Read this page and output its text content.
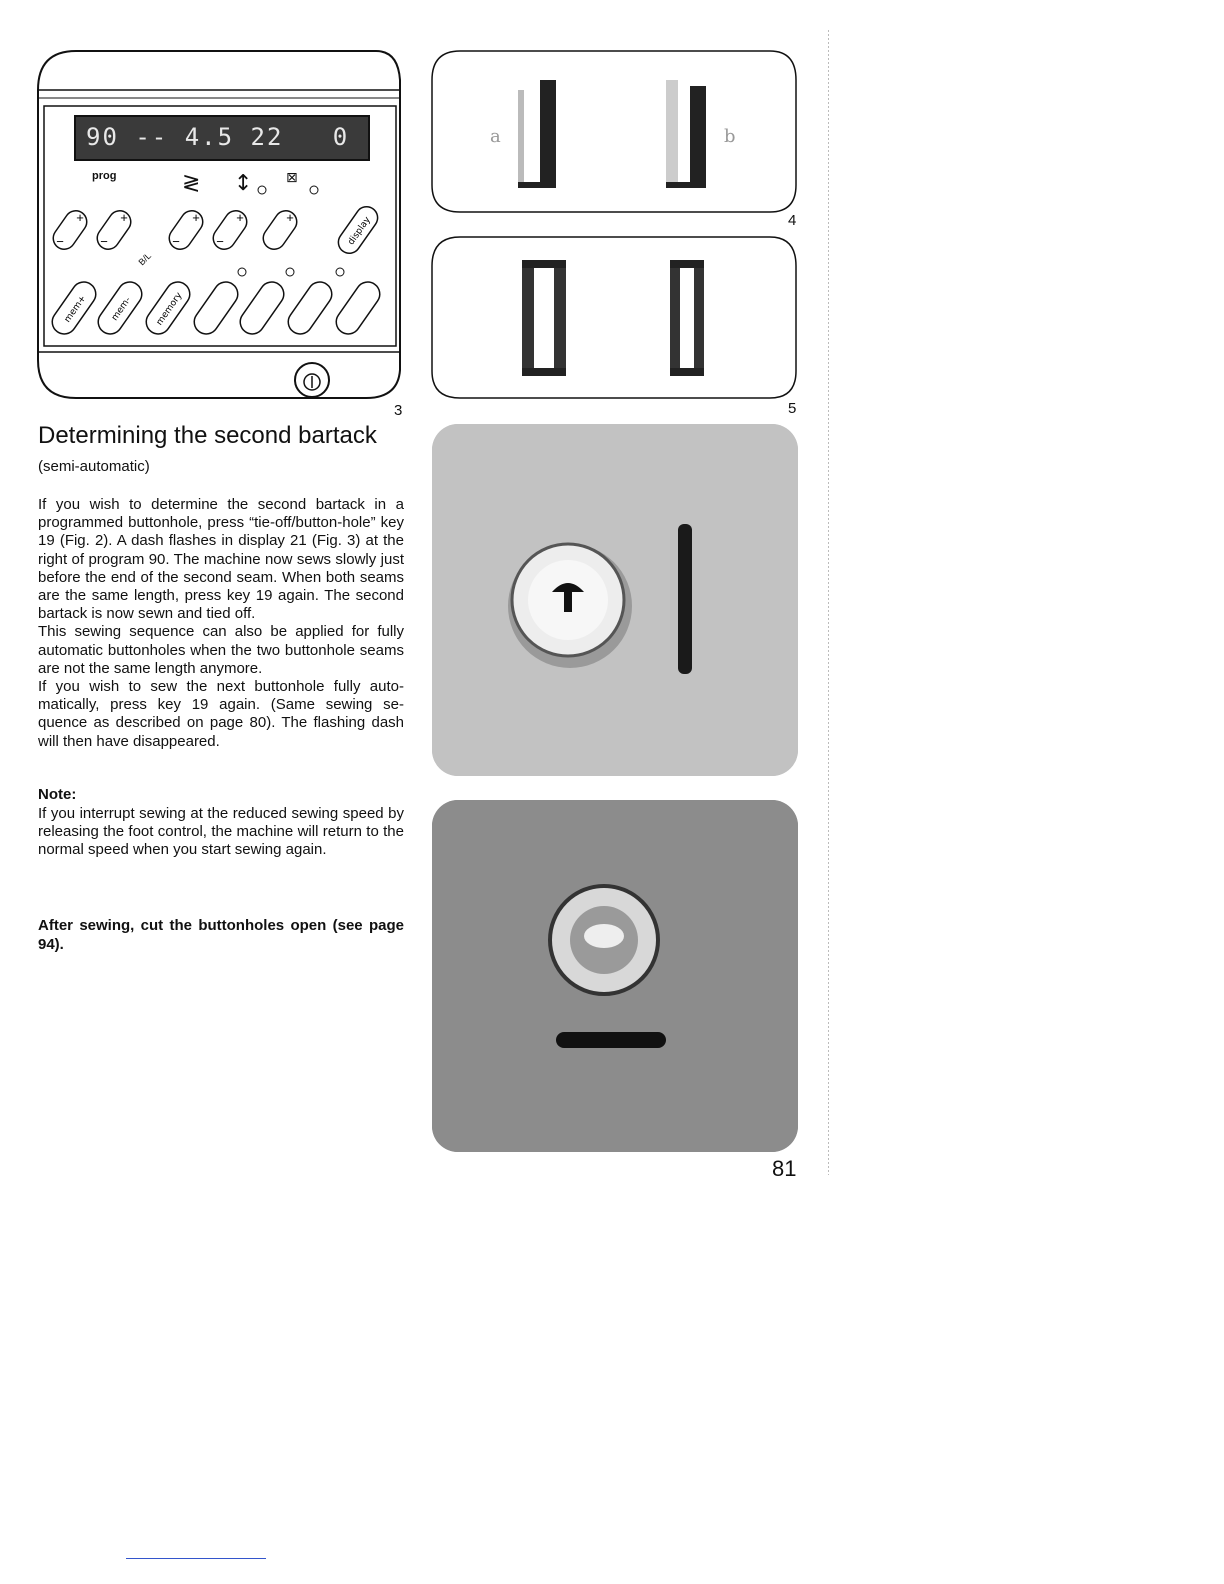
≷ ↕ ⊠
+
−
+
−
+
−
+
−
+	display
mem+ mem- memory
90 -- 4.5 22   0
prog
B/L
3
a	b
4
5
Determining the second bartack
(semi-automatic)

If you wish to determine the second bartack in a programmed buttonhole, press “tie-off/button-hole” key 19 (Fig. 2). A dash flashes in display 21 (Fig. 3) at the right of program 90. The machine now sews slowly just before the end of the second seam. When both seams are the same length, press key 19 again. The second bartack is now sewn and tied off.

This sewing sequence can also be applied for fully automatic buttonholes when the two buttonhole seams are not the same length anymore.

If you wish to sew the next buttonhole fully auto-matically, press key 19 again. (Same sewing se-quence as described on page 80). The flashing dash will then have disappeared.

Note:
If you interrupt sewing at the reduced sewing speed by releasing the foot control, the machine will return to the normal speed when you start sewing again.
After sewing, cut the buttonholes open (see page 94).
81
